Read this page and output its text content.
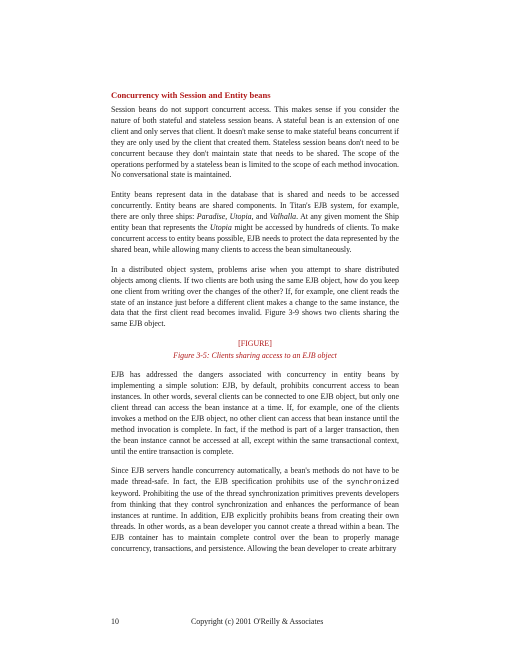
Concurrency with Session and Entity beans

Session beans do not support concurrent access. This makes sense if you consider the nature of both stateful and stateless session beans. A stateful bean is an extension of one client and only serves that client. It doesn't make sense to make stateful beans concurrent if they are only used by the client that created them. Stateless session beans don't need to be concurrent because they don't maintain state that needs to be shared. The scope of the operations performed by a stateless bean is limited to the scope of each method invocation. No conversational state is maintained.

Entity beans represent data in the database that is shared and needs to be accessed concurrently. Entity beans are shared components. In Titan's EJB system, for example, there are only three ships: Paradise, Utopia, and Valhalla. At any given moment the Ship entity bean that represents the Utopia might be accessed by hundreds of clients. To make concurrent access to entity beans possible, EJB needs to protect the data represented by the shared bean, while allowing many clients to access the bean simultaneously.

In a distributed object system, problems arise when you attempt to share distributed objects among clients. If two clients are both using the same EJB object, how do you keep one client from writing over the changes of the other? If, for example, one client reads the state of an instance just before a different client makes a change to the same instance, the data that the first client read becomes invalid. Figure 3-9 shows two clients sharing the same EJB object.

[FIGURE]
Figure 3-5: Clients sharing access to an EJB object

EJB has addressed the dangers associated with concurrency in entity beans by implementing a simple solution: EJB, by default, prohibits concurrent access to bean instances. In other words, several clients can be connected to one EJB object, but only one client thread can access the bean instance at a time. If, for example, one of the clients invokes a method on the EJB object, no other client can access that bean instance until the method invocation is complete. In fact, if the method is part of a larger transaction, then the bean instance cannot be accessed at all, except within the same transactional context, until the entire transaction is complete.

Since EJB servers handle concurrency automatically, a bean's methods do not have to be made thread-safe. In fact, the EJB specification prohibits use of the synchronized keyword. Prohibiting the use of the thread synchronization primitives prevents developers from thinking that they control synchronization and enhances the performance of bean instances at runtime. In addition, EJB explicitly prohibits beans from creating their own threads. In other words, as a bean developer you cannot create a thread within a bean. The EJB container has to maintain complete control over the bean to properly manage concurrency, transactions, and persistence. Allowing the bean developer to create arbitrary

10	Copyright (c) 2001 O'Reilly & Associates
